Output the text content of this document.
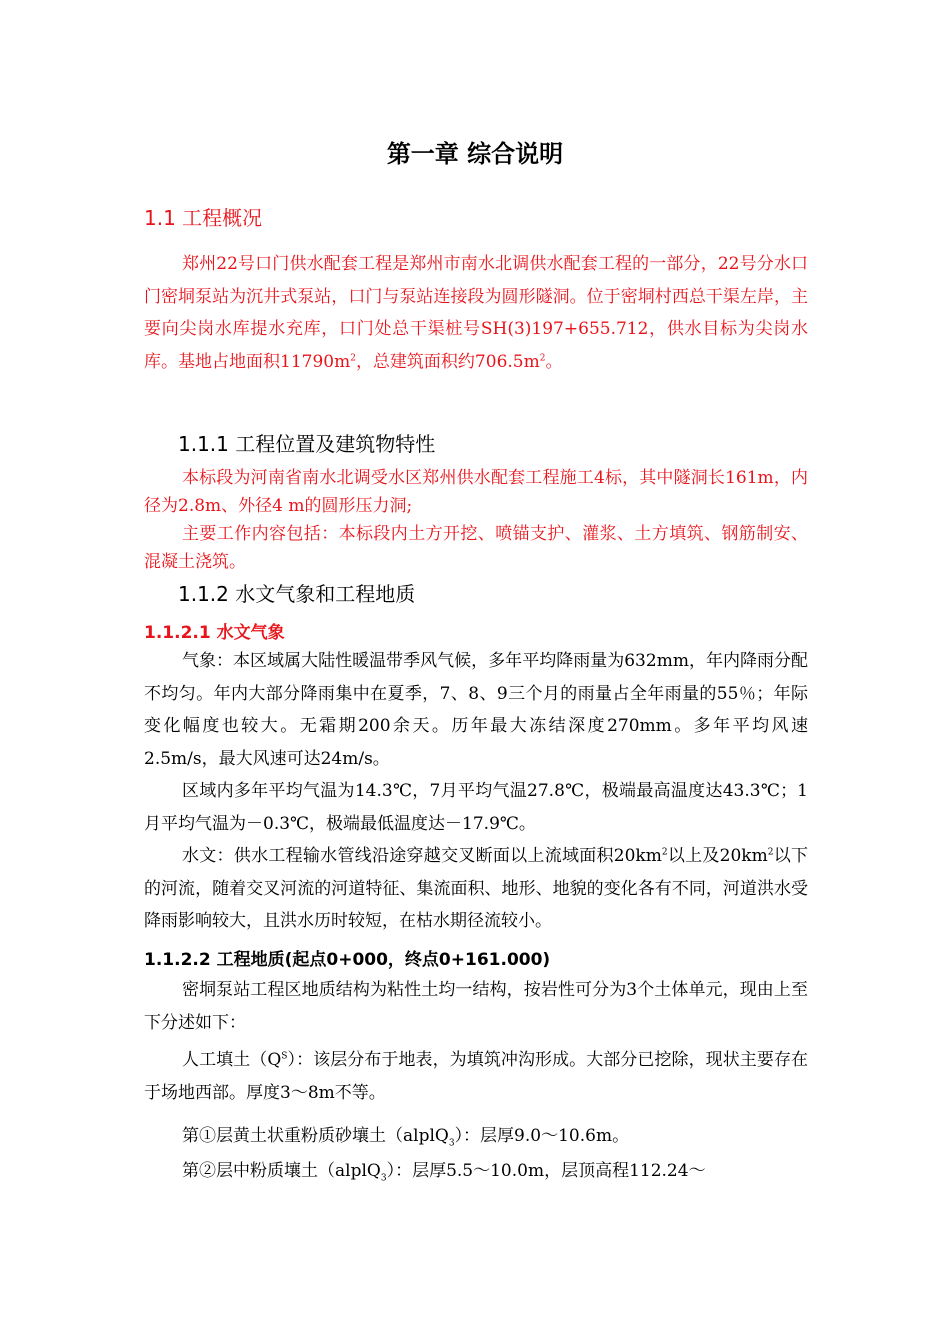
第一章 综合说明
1.1 工程概况
郑州22号口门供水配套工程是郑州市南水北调供水配套工程的一部分，22号分水口门密垌泵站为沉井式泵站，口门与泵站连接段为圆形隧洞。位于密垌村西总干渠左岸，主要向尖岗水库提水充库，口门处总干渠桩号SH(3)197+655.712，供水目标为尖岗水库。基地占地面积$11790m^2$，总建筑面积约$706.5m^2$。
1.1.1 工程位置及建筑物特性
本标段为河南省南水北调受水区郑州供水配套工程施工4标，其中隧洞长161m，内径为2.8m、外径4 m的圆形压力洞;
主要工作内容包括：本标段内土方开挖、喷锚支护、灌浆、土方填筑、钢筋制安、混凝土浇筑。
1.1.2 水文气象和工程地质
1.1.2.1 水文气象
气象：本区域属大陆性暖温带季风气候，多年平均降雨量为632mm，年内降雨分配不均匀。年内大部分降雨集中在夏季，7、8、9三个月的雨量占全年雨量的55％；年际变化幅度也较大。无霜期200余天。历年最大冻结深度270mm。多年平均风速2.5m/s，最大风速可达24m/s。
区域内多年平均气温为14.3℃，7月平均气温27.8℃，极端最高温度达43.3℃；1月平均气温为－0.3℃，极端最低温度达－17.9℃。
水文：供水工程输水管线沿途穿越交叉断面以上流域面积$20km^2$以上及$20km^2$以下的河流，随着交叉河流的河道特征、集流面积、地形、地貌的变化各有不同，河道洪水受降雨影响较大，且洪水历时较短，在枯水期径流较小。
1.1.2.2 工程地质(起点0+000，终点0+161.000)
密垌泵站工程区地质结构为粘性土均一结构，按岩性可分为3个土体单元，现由上至下分述如下：
人工填土$(Q^S)$：该层分布于地表，为填筑冲沟形成。大部分已挖除，现状主要存在于场地西部。厚度3～8m不等。
第①层黄土状重粉质砂壤土（alplQ$_3$）：层厚9.0～10.6m。
第②层中粉质壤土（alplQ$_3$）：层厚5.5～10.0m，层顶高程112.24～
